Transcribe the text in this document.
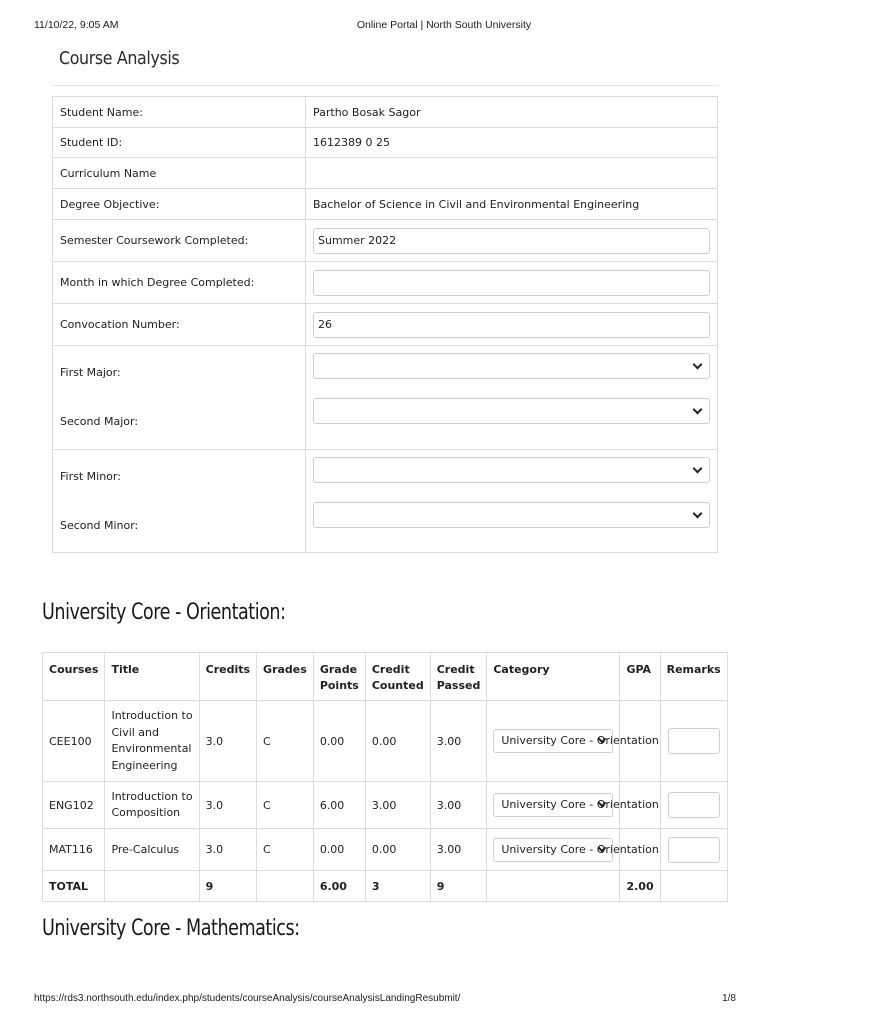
11/10/22, 9:05 AM	Online Portal | North South University
Course Analysis
Student Name:	Partho Bosak Sagor
Student ID:	1612389 0 25
Curriculum Name	
Degree Objective:	Bachelor of Science in Civil and Environmental Engineering
Semester Coursework Completed:	Summer 2022

Month in which Degree Completed:	

Convocation Number:	26

First Major:
Second Major:	

First Minor:
Second Minor:	

University Core - Orientation:
Courses	Title	Credits	Grades	Grade Points	Credit Counted	Credit Passed	Category	GPA	Remarks
CEE100	Introduction to Civil and Environmental Engineering	3.0	C	0.00	0.00	3.00	University Core - Orientation		

ENG102	Introduction to Composition	3.0	C	6.00	3.00	3.00	University Core - Orientation		

MAT116	Pre-Calculus	3.0	C	0.00	0.00	3.00	University Core - Orientation		

TOTAL		9		6.00	3	9		2.00	
University Core - Mathematics:
https://rds3.northsouth.edu/index.php/students/courseAnalysis/courseAnalysisLandingResubmit/	1/8
